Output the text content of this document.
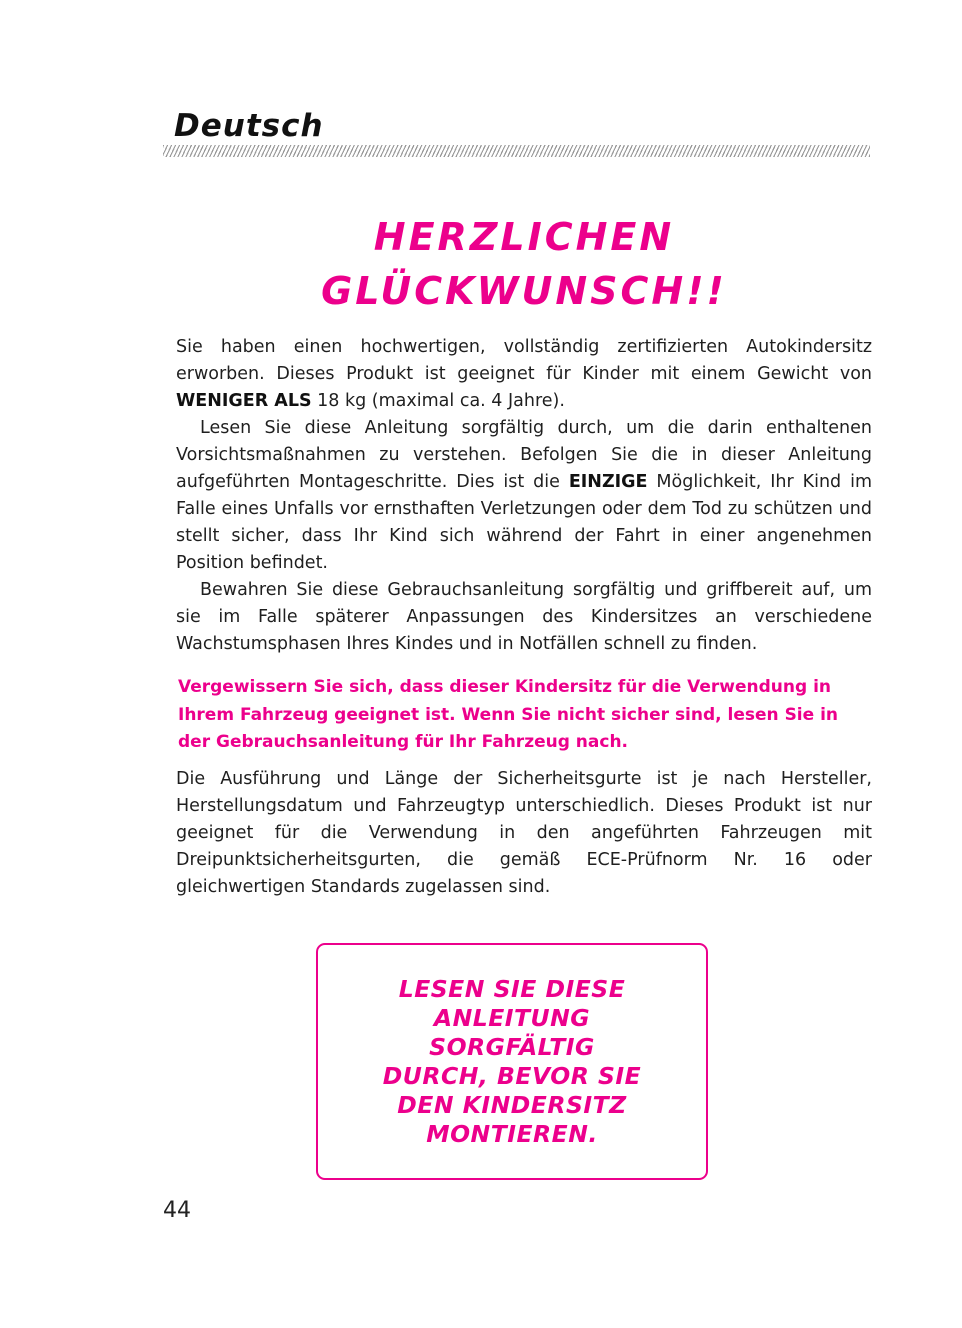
Deutsch
HERZLICHEN
GLÜCKWUNSCH!!

Sie haben einen hochwertigen, vollständig zertifizierten Autokindersitz erworben. Dieses Produkt ist geeignet für Kinder mit einem Gewicht von WENIGER ALS 18 kg (maximal ca. 4 Jahre).

Lesen Sie diese Anleitung sorgfältig durch, um die darin enthaltenen Vorsichtsmaßnahmen zu verstehen. Befolgen Sie die in dieser Anleitung aufgeführten Montageschritte. Dies ist die EINZIGE Möglichkeit, Ihr Kind im Falle eines Unfalls vor ernsthaften Verletzungen oder dem Tod zu schützen und stellt sicher, dass Ihr Kind sich während der Fahrt in einer angenehmen Position befindet.

Bewahren Sie diese Gebrauchsanleitung sorgfältig und griffbereit auf, um sie im Falle späterer Anpassungen des Kindersitzes an verschiedene Wachstumsphasen Ihres Kindes und in Notfällen schnell zu finden.

Vergewissern Sie sich, dass dieser Kindersitz für die Verwendung in Ihrem Fahrzeug geeignet ist. Wenn Sie nicht sicher sind, lesen Sie in der Gebrauchsanleitung für Ihr Fahrzeug nach.

Die Ausführung und Länge der Sicherheitsgurte ist je nach Hersteller, Herstellungsdatum und Fahrzeugtyp unterschiedlich. Dieses Produkt ist nur geeignet für die Verwendung in den angeführten Fahrzeugen mit Dreipunktsicherheitsgurten, die gemäß ECE-Prüfnorm Nr. 16 oder gleichwertigen Standards zugelassen sind.

LESEN SIE DIESE
ANLEITUNG
SORGFÄLTIG
DURCH, BEVOR SIE
DEN KINDERSITZ
MONTIEREN.

44
